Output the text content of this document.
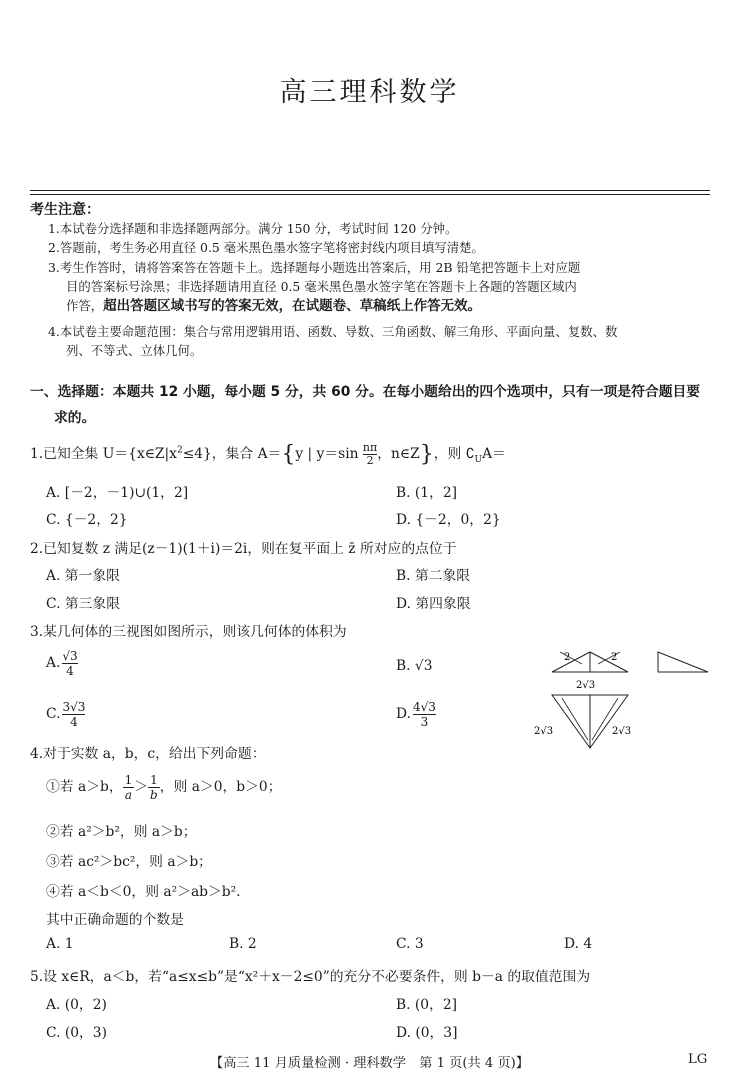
高三理科数学
考生注意：
1.本试卷分选择题和非选择题两部分。满分 150 分，考试时间 120 分钟。
2.答题前，考生务必用直径 0.5 毫米黑色墨水签字笔将密封线内项目填写清楚。
3.考生作答时，请将答案答在答题卡上。选择题每小题选出答案后，用 2B 铅笔把答题卡上对应题
目的答案标号涂黑；非选择题请用直径 0.5 毫米黑色墨水签字笔在答题卡上各题的答题区域内
作答，超出答题区域书写的答案无效，在试题卷、草稿纸上作答无效。
4.本试卷主要命题范围：集合与常用逻辑用语、函数、导数、三角函数、解三角形、平面向量、复数、数
列、不等式、立体几何。
一、选择题：本题共 12 小题，每小题 5 分，共 60 分。在每小题给出的四个选项中，只有一项是符合题目要
求的。
1.已知全集 $U=\{x\in Z|x^2\le 4\}$，集合 A＝{y | $y=\sin \frac{n\pi}{2}$ ，n∈Z}，则 $∁_UA=$
A. [－2，－1)∪(1，2]	B. (1，2]
C. {－2，2}	D. {－2，0，2}
2.已知复数 z 满足(z－1)(1＋i)＝2i，则在复平面上 z̄ 所对应的点位于
A. 第一象限	B. 第二象限
C. 第三象限	D. 第四象限
3.某几何体的三视图如图所示，则该几何体的体积为
A. $\frac{√3}{4}$	B. √3
C. $\frac{3√3}{4}$	D. $\frac{4√3}{3}$
2	2
2√3
2√3	2√3
4.对于实数 a，b，c，给出下列命题：
①若 a＞b， $\frac{1}{a} > \frac{1}{b}$ ，则 a＞0，b＞0；
②若 a²＞b²，则 a＞b；
③若 ac²＞bc²，则 a＞b；
④若 a＜b＜0，则 a²＞ab＞b².
其中正确命题的个数是
A. 1	B. 2	C. 3	D. 4
5.设 x∈R，a＜b，若“a≤x≤b”是“x²＋x－2≤0”的充分不必要条件，则 b－a 的取值范围为
A. (0，2)	B. (0，2]
C. (0，3)	D. (0，3]
【高三 11 月质量检测 · 理科数学　第 1 页(共 4 页)】	LG
